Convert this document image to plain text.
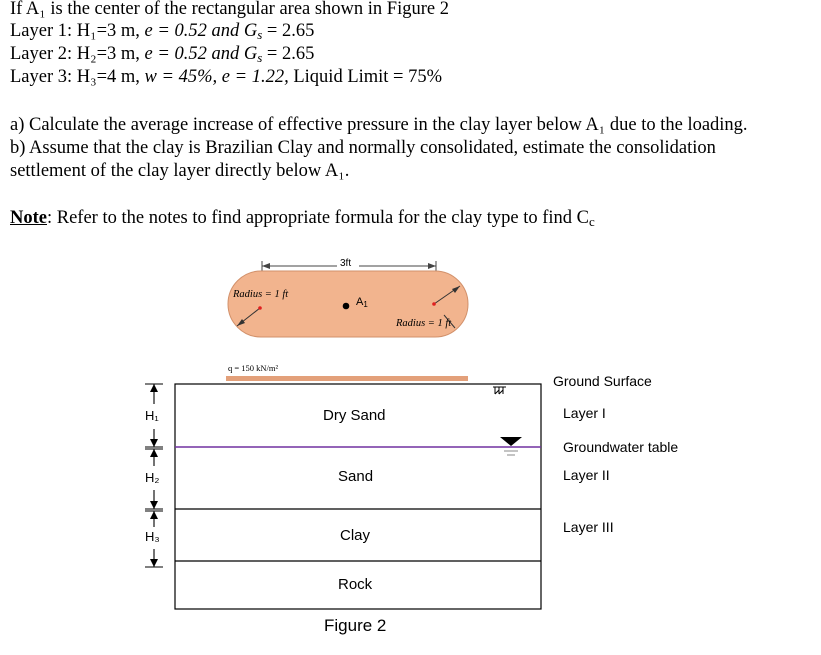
If A₁ is the center of the rectangular area shown in Figure 2
Layer 1: H₁=3 m, e = 0.52 and Gs = 2.65
Layer 2: H₂=3 m, e = 0.52 and Gs = 2.65
Layer 3: H₃=4 m, w = 45%, e = 1.22, Liquid Limit = 75%
a) Calculate the average increase of effective pressure in the clay layer below A₁ due to the loading.
b) Assume that the clay is Brazilian Clay and normally consolidated, estimate the consolidation
settlement of the clay layer directly below A₁.
Note: Refer to the notes to find appropriate formula for the clay type to find Cc
3ft
Radius = 1 ft
Radius = 1 ft
A1
q = 150 kN/m²
Dry Sand
Sand
Clay
Rock
H₁
H₂
H₃
Ground Surface
Layer I
Groundwater table
Layer II
Layer III
Figure 2
